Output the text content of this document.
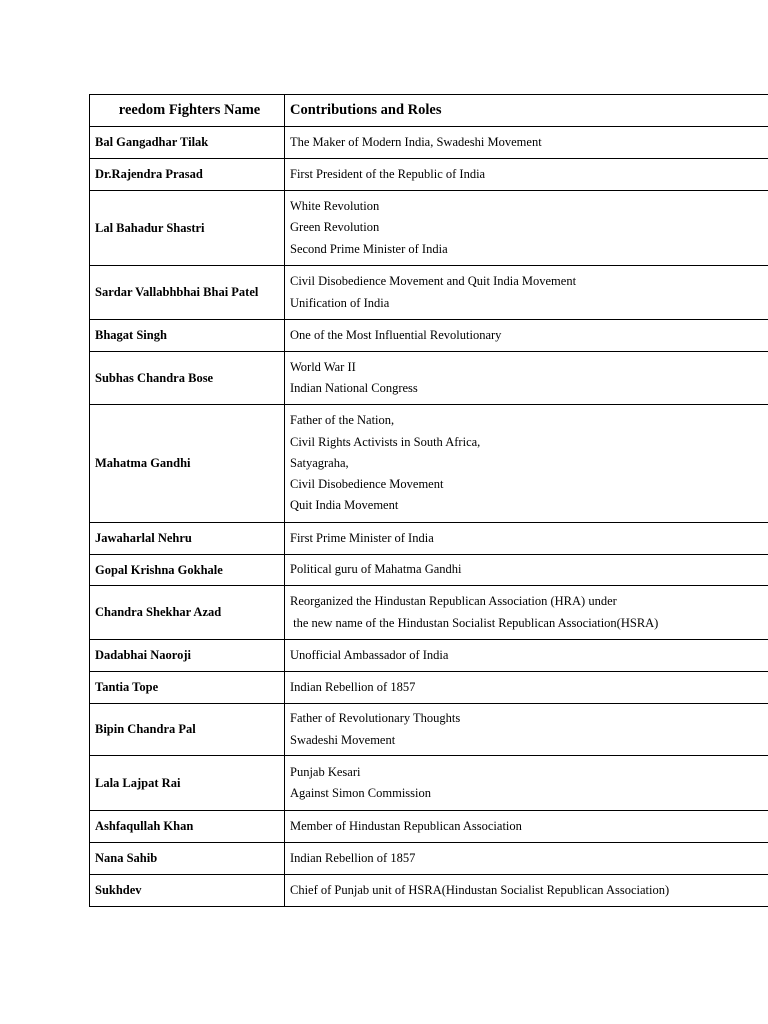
reedom Fighters Name	Contributions and Roles
Bal Gangadhar Tilak	The Maker of Modern India, Swadeshi Movement

Dr.Rajendra Prasad	First President of the Republic of India

Lal Bahadur Shastri	White Revolution
Green Revolution
Second Prime Minister of India

Sardar Vallabhbhai Bhai Patel	Civil Disobedience Movement and Quit India Movement
Unification of India

Bhagat Singh	One of the Most Influential Revolutionary

Subhas Chandra Bose	World War II
Indian National Congress

Mahatma Gandhi	Father of the Nation,
Civil Rights Activists in South Africa,
Satyagraha,
Civil Disobedience Movement
Quit India Movement

Jawaharlal Nehru	First Prime Minister of India

Gopal Krishna Gokhale	Political guru of Mahatma Gandhi

Chandra Shekhar Azad	Reorganized the Hindustan Republican Association (HRA) under
the new name of the Hindustan Socialist Republican Association(HSRA)

Dadabhai Naoroji	Unofficial Ambassador of India

Tantia Tope	Indian Rebellion of 1857

Bipin Chandra Pal	Father of Revolutionary Thoughts
Swadeshi Movement

Lala Lajpat Rai	Punjab Kesari
Against Simon Commission

Ashfaqullah Khan	Member of Hindustan Republican Association

Nana Sahib	Indian Rebellion of 1857

Sukhdev	Chief of Punjab unit of HSRA(Hindustan Socialist Republican Association)
